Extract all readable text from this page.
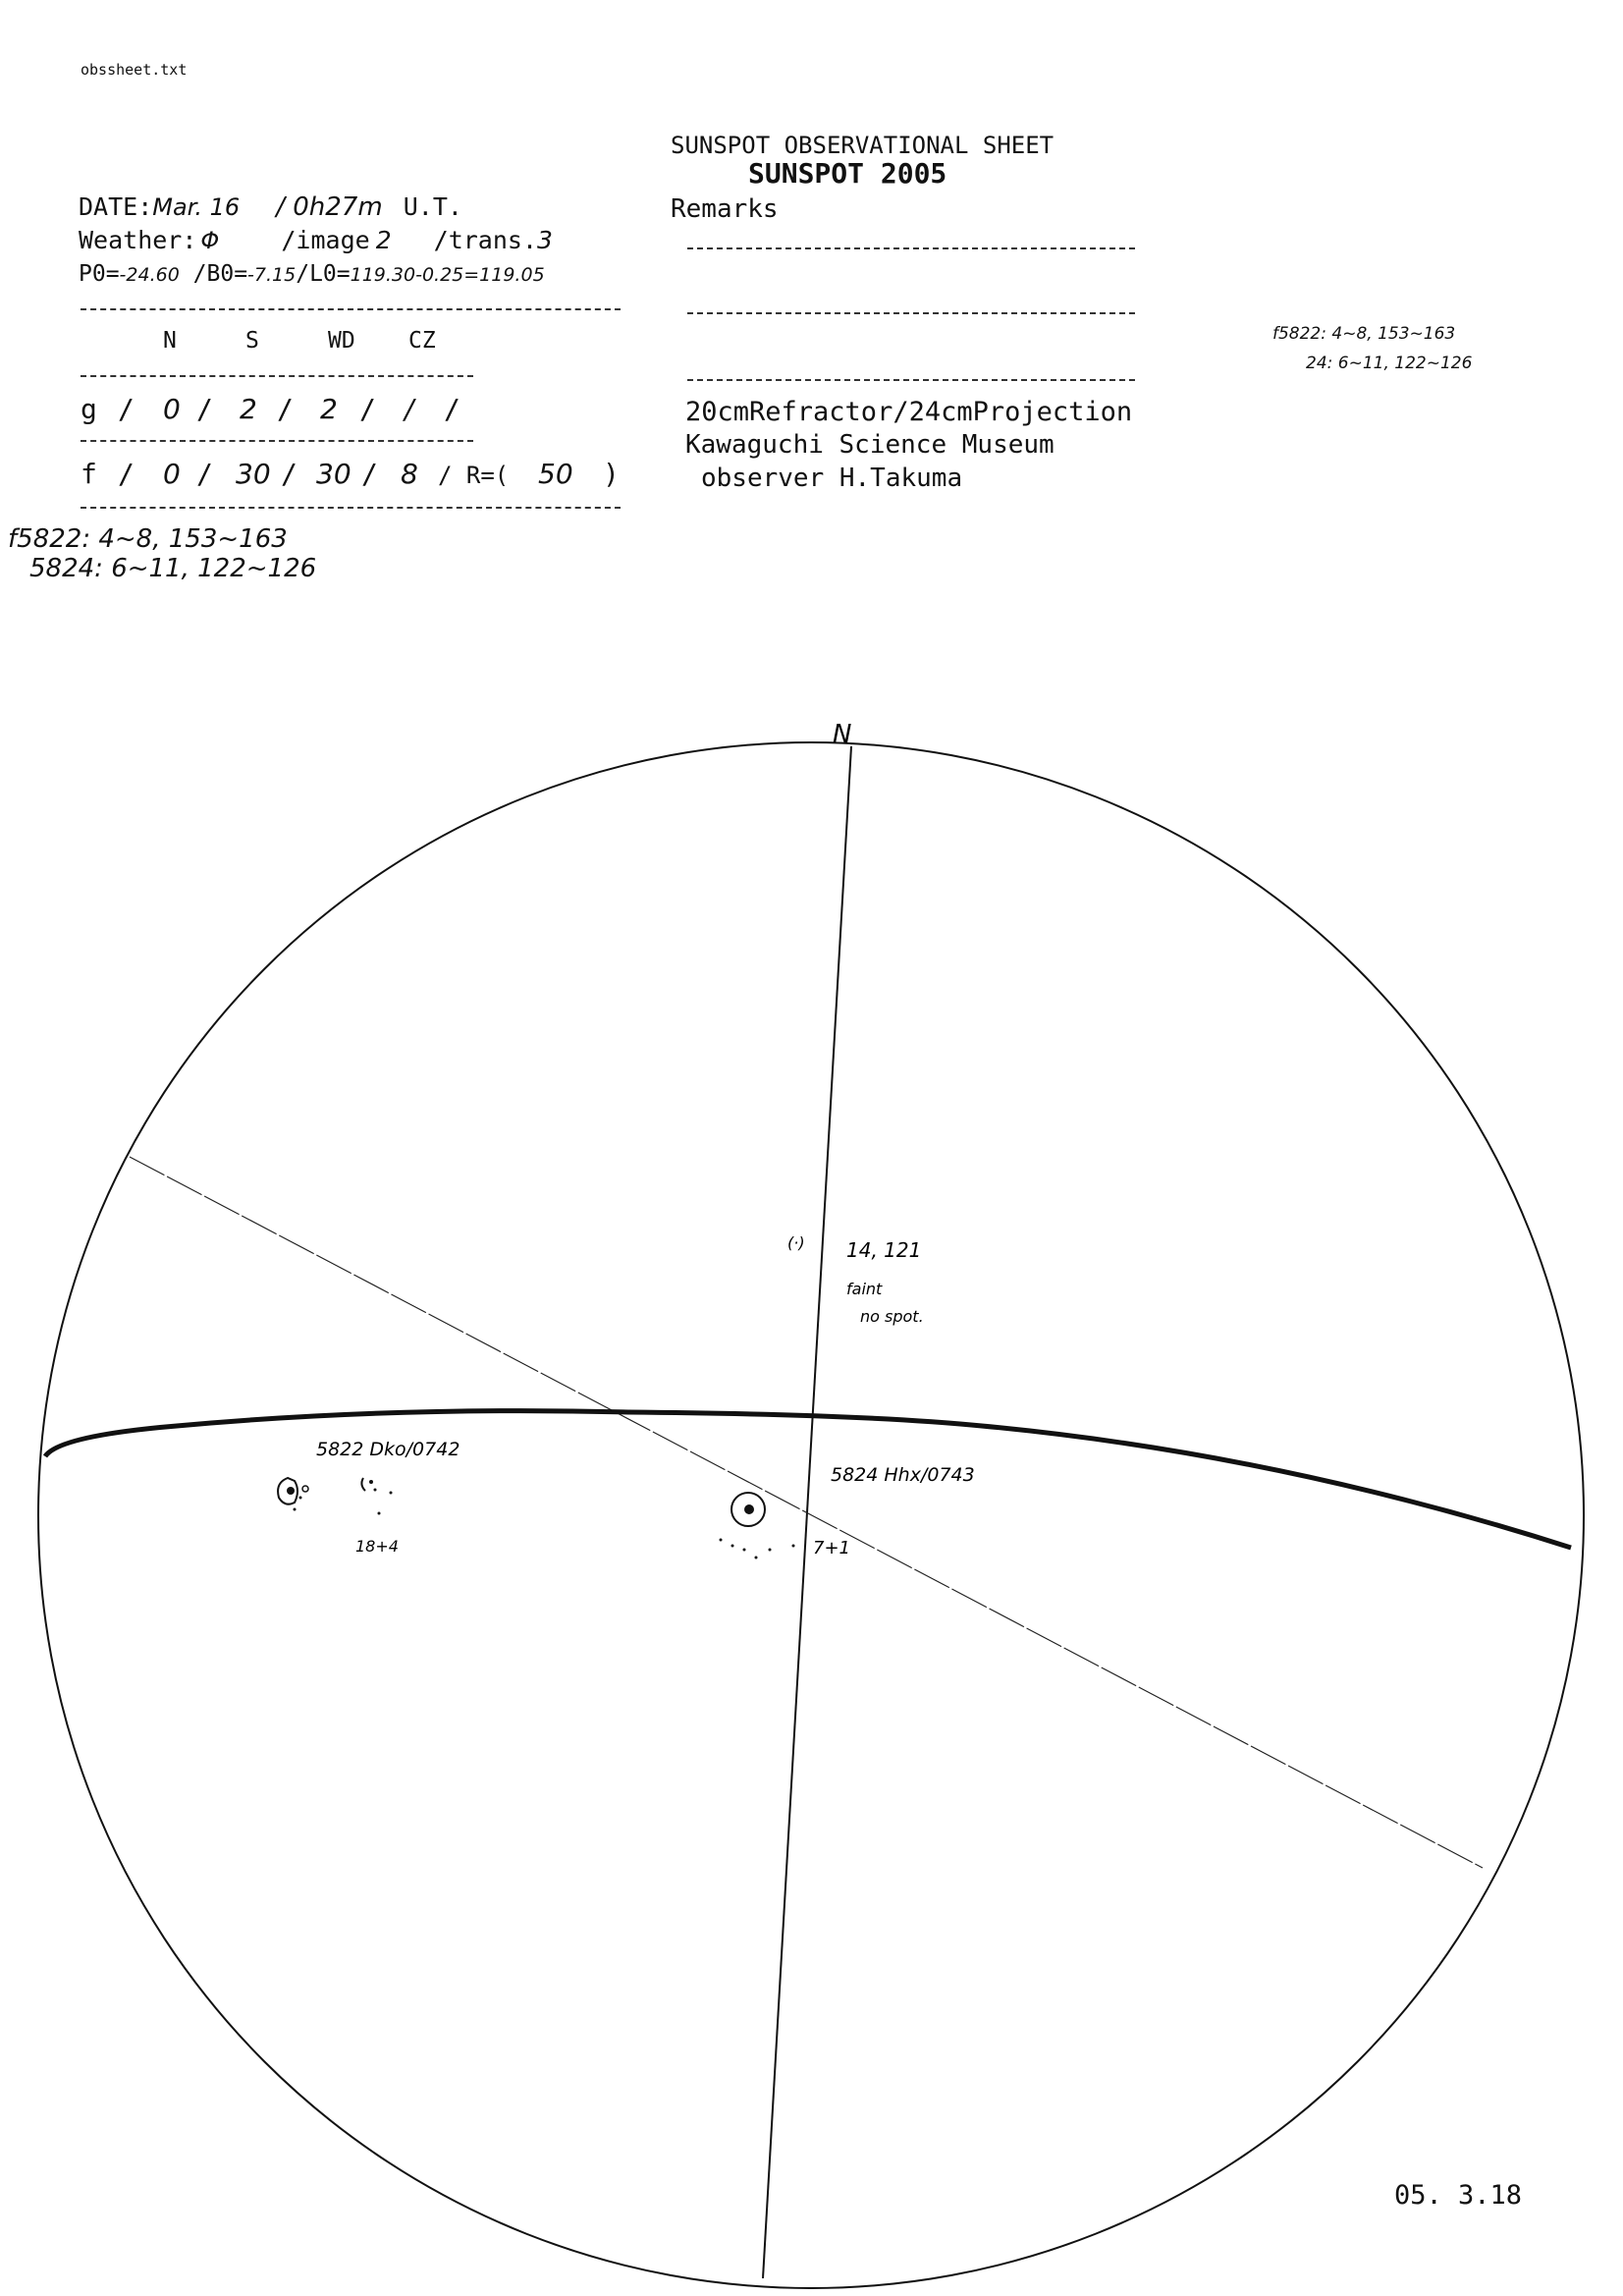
obssheet.txt
SUNSPOT OBSERVATIONAL SHEET
SUNSPOT 2005
DATE:Mar. 16 / 0h27m U.T.
Weather: Φ	/image 2 /trans.3
P0=-24.60 /B0=-7.15/L0=119.30-0.25=119.05
N	S	WD CZ
g / 0 / 2 / 2 / / /
f / 0 / 30 / 30 / 8 / R=( 50 )
f5822: 4~8, 153~163
5824: 6~11, 122~126
Remarks
20cmRefractor/24cmProjection
Kawaguchi Science Museum
observer H.Takuma
f5822: 4~8, 153~163
24: 6~11, 122~126
N
5822 Dko/0742
18+4
5824 Hhx/0743
7+1
(·) 14, 121
faint
no spot.
05. 3.18
